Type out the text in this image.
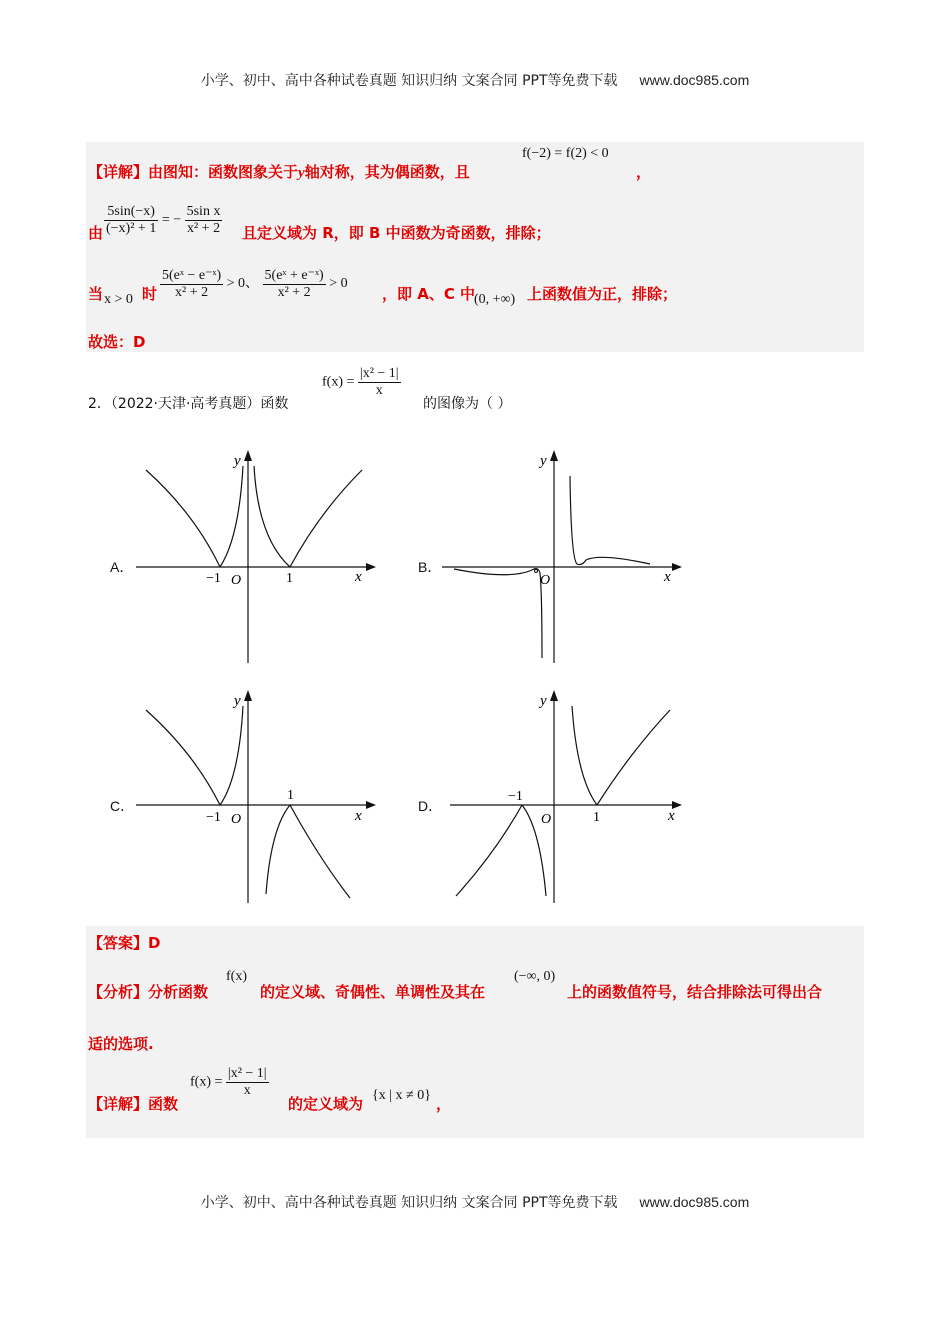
小学、初中、高中各种试卷真题 知识归纳 文案合同 PPT等免费下载 www.doc985.com
【详解】由图知：函数图象关于y轴对称，其为偶函数，且
f(−2) = f(2) < 0
，
由 $\frac{5\sin(-x)}{\text{(−x)² + 1}}$ = − $\frac{\text{5sin x}}{\text{x² + 2}}$ 且定义域为 R，即 B 中函数为奇函数，排除；
当 x > 0 时 $\frac{\text{5(eˣ − e⁻ˣ)}}{\text{x² + 2}} > 0$、 $\frac{\text{5(eˣ + e⁻ˣ)}}{\text{x² + 2}} > 0$
，即 A、C 中
(0, +∞) 上函数值为正，排除；
故选：D
2．（2022·天津·高考真题）函数
$f(x) = \frac{\text{|x² − 1|}}{x}$
的图像为（ ）
A．	B．
C．	D．
x
y
O
−1	1	x
y
O
x
y
O
−1
1
x
y
O
−1
1
【答案】D
【分析】分析函数
f(x)
的定义域、奇偶性、单调性及其在
(−∞, 0)
上的函数值符号，结合排除法可得出合
适的选项.
【详解】函数
$f(x) = \frac{\text{|x² − 1|}}{x}$
的定义域为 {x | x ≠ 0} ，
小学、初中、高中各种试卷真题 知识归纳 文案合同 PPT等免费下载 www.doc985.com
